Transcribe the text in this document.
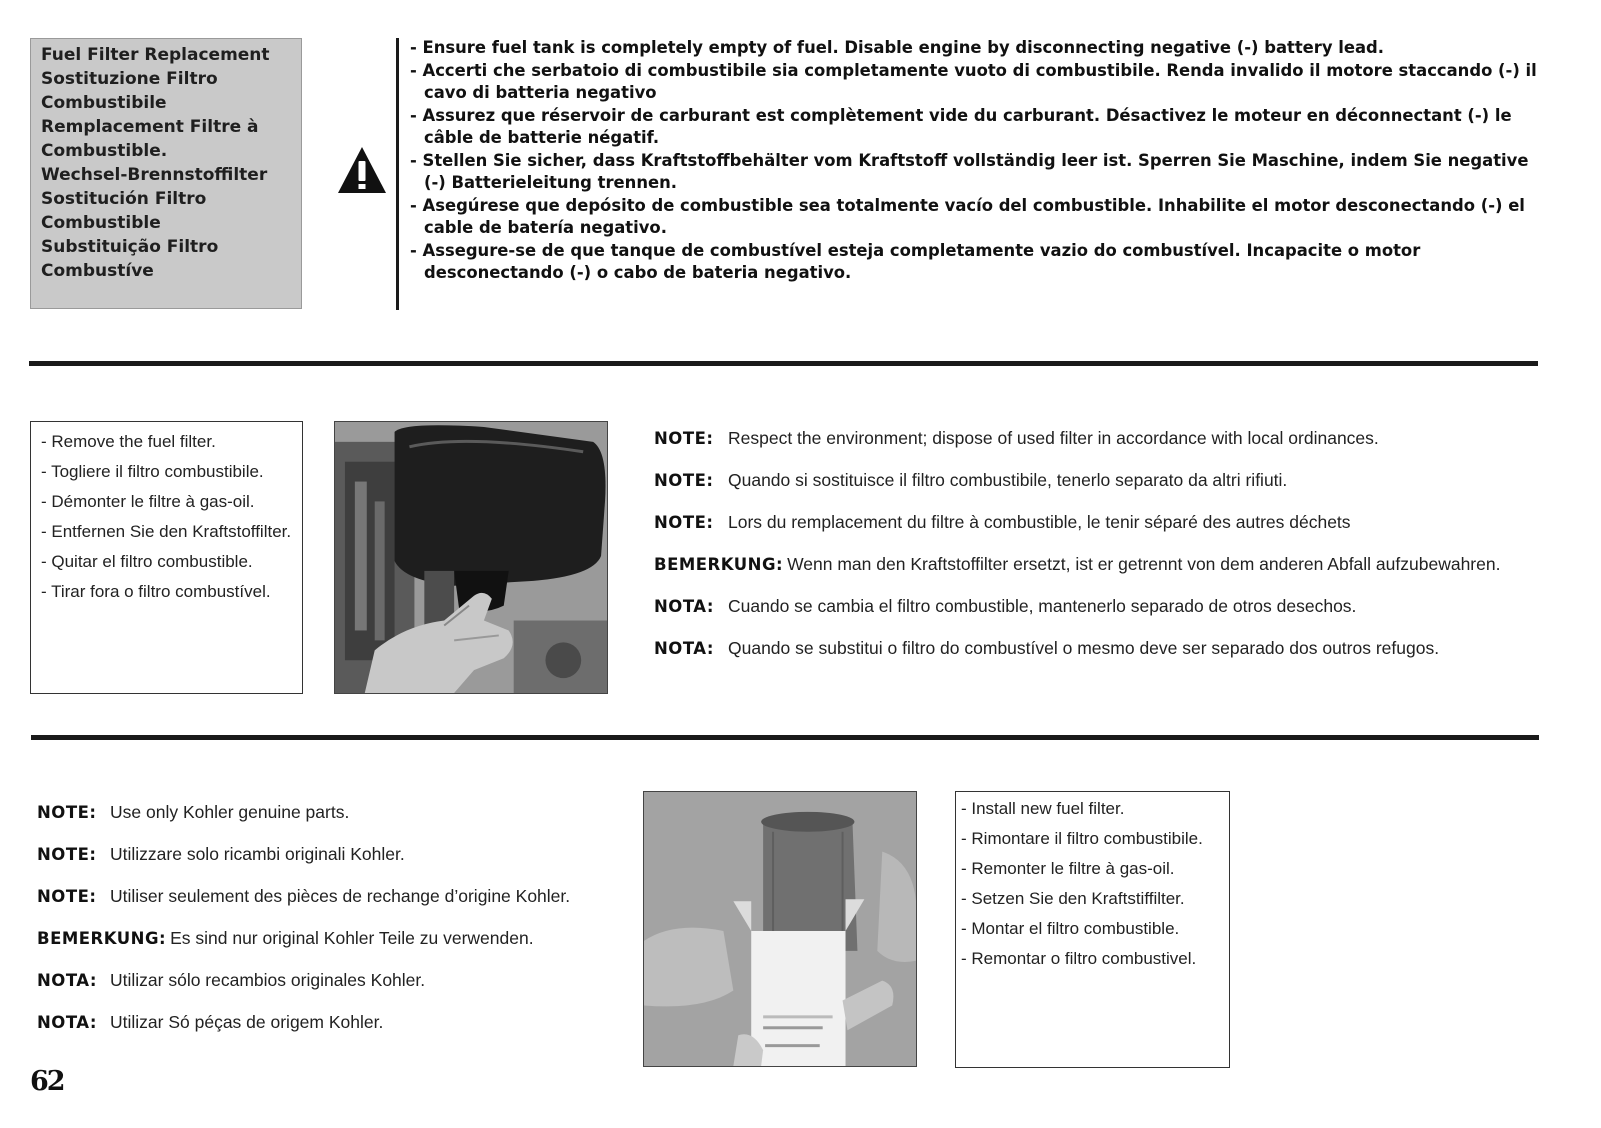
Fuel Filter Replacement
Sostituzione Filtro
Combustibile
Remplacement Filtre à
Combustible.
Wechsel-Brennstoffilter
Sostitución Filtro
Combustible
Substituição Filtro
Combustíve
- Ensure fuel tank is completely empty of fuel. Disable engine by disconnecting negative (-) battery lead.
- Accerti che serbatoio di combustibile sia completamente vuoto di combustibile. Renda invalido il motore staccando (-) il cavo di batteria negativo
- Assurez que réservoir de carburant est complètement vide du carburant. Désactivez le moteur en déconnectant (-) le câble de batterie négatif.
- Stellen Sie sicher, dass Kraftstoffbehälter vom Kraftstoff vollständig leer ist. Sperren Sie Maschine, indem Sie negative (-) Batterieleitung trennen.
- Asegúrese que depósito de combustible sea totalmente vacío del combustible. Inhabilite el motor desconectando (-) el cable de batería negativo.
- Assegure-se de que tanque de combustível esteja completamente vazio do combustível. Incapacite o motor desconectando (-) o cabo de bateria negativo.
- Remove the fuel filter.
- Togliere il filtro combustibile.
- Démonter le filtre à gas-oil.
- Entfernen Sie den Kraftstoffilter.
- Quitar el filtro combustible.
- Tirar fora o filtro combustível.
NOTE: Respect the environment; dispose of used filter in accordance with local ordinances.
NOTE: Quando si sostituisce il filtro combustibile, tenerlo separato da altri rifiuti.
NOTE: Lors du remplacement du filtre à combustible, le tenir séparé des autres déchets
BEMERKUNG: Wenn man den Kraftstoffilter ersetzt, ist er getrennt von dem anderen Abfall aufzubewahren.
NOTA: Cuando se cambia el filtro combustible, mantenerlo separado de otros desechos.
NOTA: Quando se substitui o filtro do combustível o mesmo deve ser separado dos outros refugos.
NOTE: Use only Kohler genuine parts.
NOTE: Utilizzare solo ricambi originali Kohler.
NOTE: Utiliser seulement des pièces de rechange d’origine Kohler.
BEMERKUNG: Es sind nur original Kohler Teile zu verwenden.
NOTA: Utilizar sólo recambios originales Kohler.
NOTA: Utilizar Só péças de origem Kohler.
- Install new fuel filter.
- Rimontare il filtro combustibile.
- Remonter le filtre à gas-oil.
- Setzen Sie den Kraftstiffilter.
- Montar el filtro combustible.
- Remontar o filtro combustivel.
62
